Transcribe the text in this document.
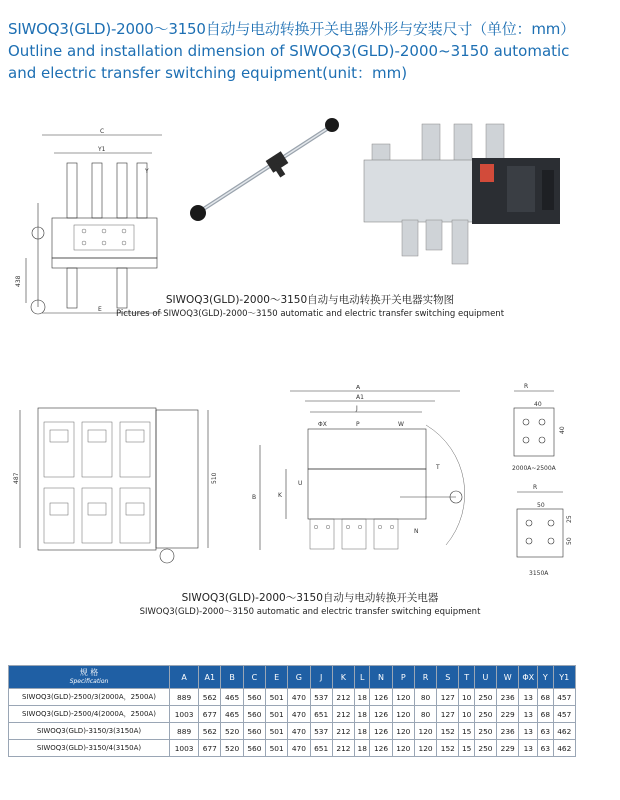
SIWOQ3(GLD)-2000～3150自动与电动转换开关电器外形与安装尺寸（单位：mm）
Outline and installation dimension of SIWOQ3(GLD)-2000~3150 automatic
and electric transfer switching equipment(unit：mm)
C
Y1
Y
438
E
SIWOQ3(GLD)-2000～3150自动与电动转换开关电器实物图
Pictures of SIWOQ3(GLD)-2000～3150 automatic and electric transfer switching equipment
487	510
A
A1
J
ΦX	P	W
B	K
U
N
T
R
40
40
2000A~2500A
R
50
25
50
3150A
SIWOQ3(GLD)-2000～3150自动与电动转换开关电器
SIWOQ3(GLD)-2000～3150 automatic and electric transfer switching equipment
规 格
Specification	A	A1	B	C	E	G	J	K	L	N	P	R	S	T	U	W	ΦX	Y	Y1
SIWOQ3(GLD)-2500/3(2000A，2500A)	889	562	465	560	501	470	537	212	18	126	120	80	127	10	250	236	13	68	457
SIWOQ3(GLD)-2500/4(2000A，2500A)	1003	677	465	560	501	470	651	212	18	126	120	80	127	10	250	229	13	68	457
SIWOQ3(GLD)-3150/3(3150A)	889	562	520	560	501	470	537	212	18	126	120	120	152	15	250	236	13	63	462
SIWOQ3(GLD)-3150/4(3150A)	1003	677	520	560	501	470	651	212	18	126	120	120	152	15	250	229	13	63	462
